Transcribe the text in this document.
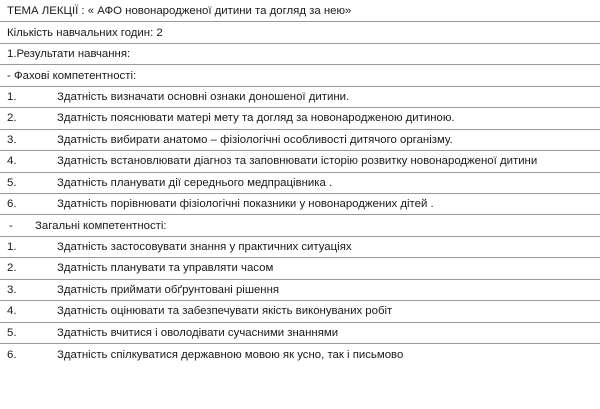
ТЕМА ЛЕКЦІЇ : « АФО новонародженої дитини та догляд за нею»
Кількість навчальних годин: 2
1.Результати навчання:
- Фахові компетентності:
1.	Здатність визначати основні ознаки доношеної дитини.
2.	Здатність пояснювати матері мету та догляд за новонародженою дитиною.
3.	Здатність вибирати анатомо – фізіологічні особливості дитячого організму.
4.	Здатність встановлювати діагноз та заповнювати історію розвитку новонародженої дитини
5.	Здатність планувати дії середнього медпрацівника .
6.	Здатність порівнювати фізіологічні показники у новонароджених дітей .
-	Загальні компетентності:
1.	Здатність застосовувати знання у практичних ситуаціях
2.	Здатність планувати та управляти часом
3.	Здатність приймати обґрунтовані рішення
4.	Здатність оцінювати та забезпечувати якість виконуваних робіт
5.	Здатність вчитися і оволодівати сучасними знаннями
6.	Здатність спілкуватися державною мовою як усно, так і письмово
